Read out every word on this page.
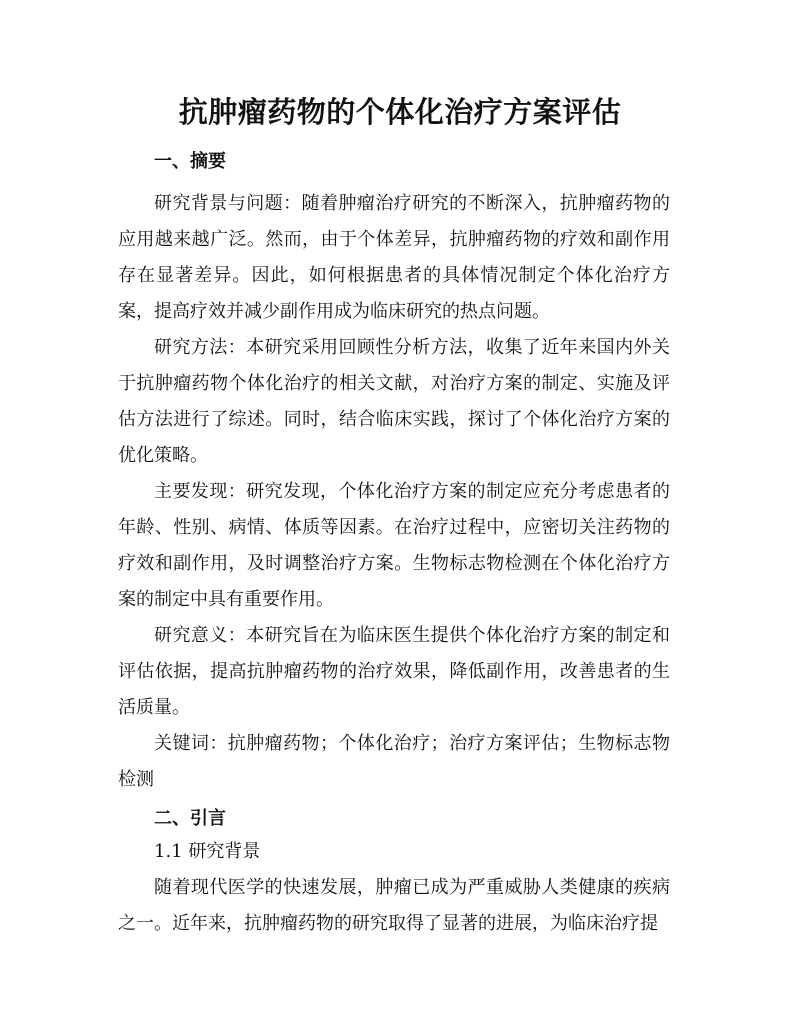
抗肿瘤药物的个体化治疗方案评估
一、摘要

研究背景与问题：随着肿瘤治疗研究的不断深入，抗肿瘤药物的应用越来越广泛。然而，由于个体差异，抗肿瘤药物的疗效和副作用存在显著差异。因此，如何根据患者的具体情况制定个体化治疗方案，提高疗效并减少副作用成为临床研究的热点问题。

研究方法：本研究采用回顾性分析方法，收集了近年来国内外关于抗肿瘤药物个体化治疗的相关文献，对治疗方案的制定、实施及评估方法进行了综述。同时，结合临床实践，探讨了个体化治疗方案的优化策略。

主要发现：研究发现，个体化治疗方案的制定应充分考虑患者的年龄、性别、病情、体质等因素。在治疗过程中，应密切关注药物的疗效和副作用，及时调整治疗方案。生物标志物检测在个体化治疗方案的制定中具有重要作用。

研究意义：本研究旨在为临床医生提供个体化治疗方案的制定和评估依据，提高抗肿瘤药物的治疗效果，降低副作用，改善患者的生活质量。

关键词：抗肿瘤药物；个体化治疗；治疗方案评估；生物标志物检测

二、引言
1.1 研究背景

随着现代医学的快速发展，肿瘤已成为严重威胁人类健康的疾病之一。近年来，抗肿瘤药物的研究取得了显著的进展，为临床治疗提
